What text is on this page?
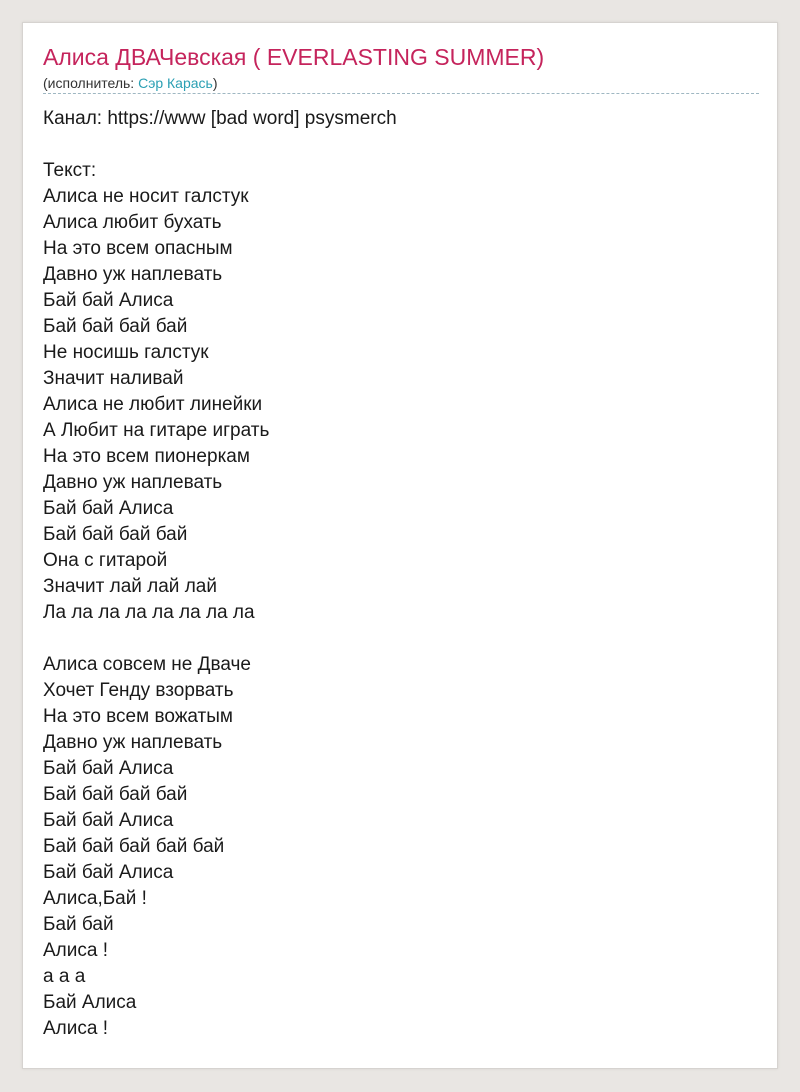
Алиса ДВАЧевская ( EVERLASTING SUMMER)
(исполнитель: Сэр Карась)
Канал: https://www [bad word] psysmerch
Текст:
Алиса не носит галстук
Алиса любит бухать
На это всем опасным
Давно уж наплевать
Бай бай Алиса
Бай бай бай бай
Не носишь галстук
Значит наливай
Алиса не любит линейки
А Любит на гитаре играть
На это всем пионеркам
Давно уж наплевать
Бай бай Алиса
Бай бай бай бай
Она с гитарой
Значит лай лай лай
Ла ла ла ла ла ла ла ла
Алиса совсем не Дваче
Хочет Генду взорвать
На это всем вожатым
Давно уж наплевать
Бай бай Алиса
Бай бай бай бай
Бай бай Алиса
Бай бай бай бай бай
Бай бай Алиса
Алиса,Бай !
Бай бай
Алиса !
а а а
Бай Алиса
Алиса !
